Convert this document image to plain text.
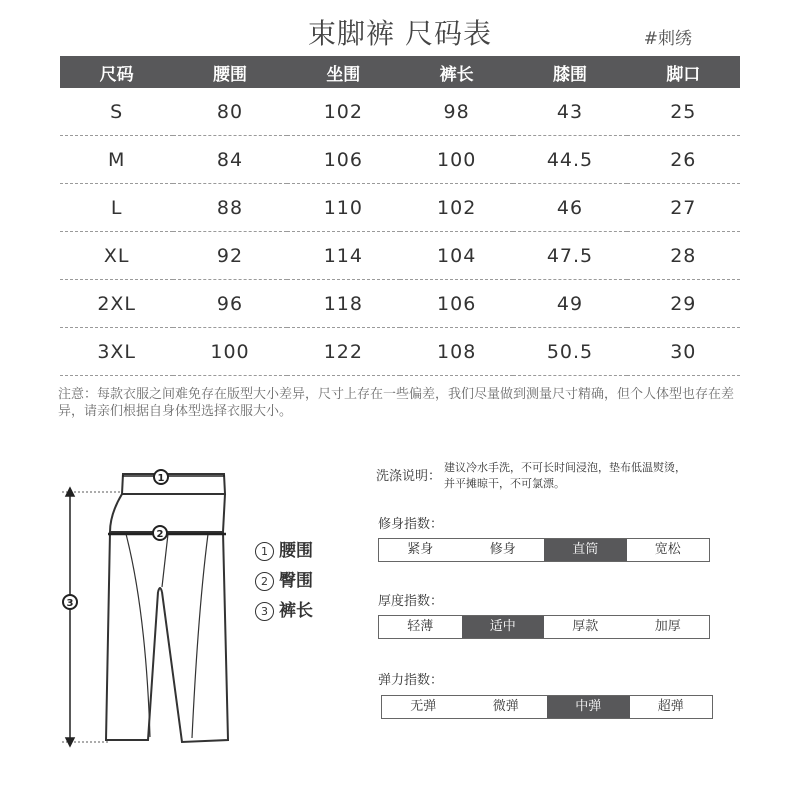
束脚裤 尺码表	#刺绣
尺码	腰围	坐围	裤长	膝围	脚口
S	80	102	98	43	25
M	84	106	100	44.5	26
L	88	110	102	46	27
XL	92	114	104	47.5	28
2XL	96	118	106	49	29
3XL	100	122	108	50.5	30
注意：每款衣服之间难免存在版型大小差异，尺寸上存在一些偏差，我们尽量做到测量尺寸精确，但个人体型也存在差异，请亲们根据自身体型选择衣服大小。
1
2
3
1 腰围
2 臀围
3 裤长
洗涤说明：
建议冷水手洗，不可长时间浸泡，垫布低温熨烫，并平摊晾干，不可氯漂。
修身指数：
紧身	修身	直筒	宽松
厚度指数：
轻薄	适中	厚款	加厚
弹力指数：
无弹	微弹	中弹	超弹
